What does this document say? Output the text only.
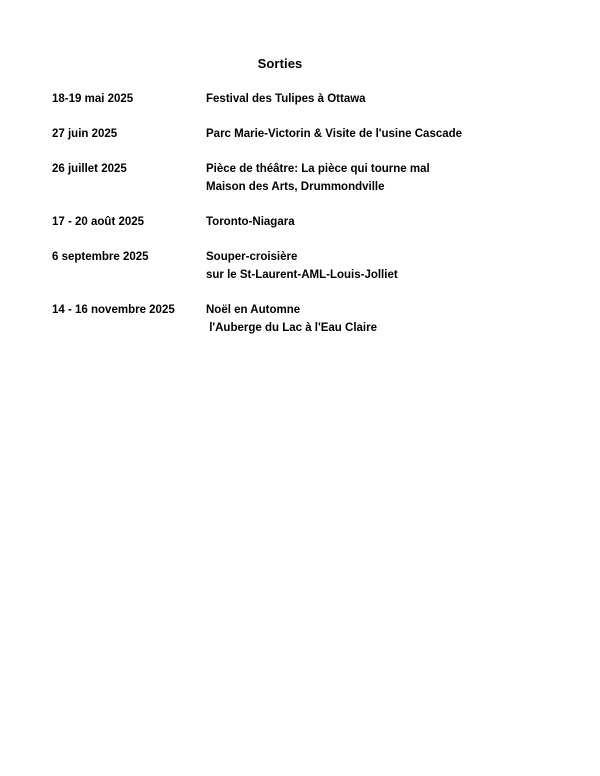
Sorties
18-19 mai 2025	Festival des Tulipes à Ottawa
27 juin 2025	Parc Marie-Victorin & Visite de l'usine Cascade
26 juillet 2025	Pièce de théâtre: La pièce qui tourne mal
Maison des Arts, Drummondville
17 - 20 août 2025	Toronto-Niagara
6 septembre 2025	Souper-croisière
sur le St-Laurent-AML-Louis-Jolliet
14 - 16 novembre 2025	Noël en Automne
l'Auberge du Lac à l'Eau Claire
